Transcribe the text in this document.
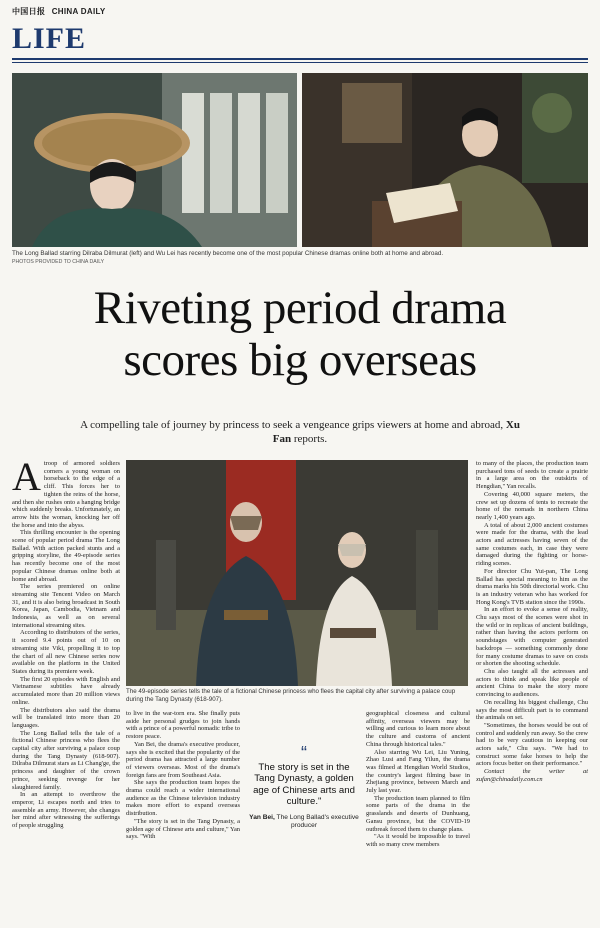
中国日报 CHINA DAILY
LIFE
The Long Ballad starring Dilraba Dilmurat (left) and Wu Lei has recently become one of the most popular Chinese dramas online both at home and abroad.
PHOTOS PROVIDED TO CHINA DAILY
Riveting period drama
scores big overseas
A compelling tale of journey by princess to seek a vengeance grips viewers at home and abroad, Xu Fan reports.
The 49-episode series tells the tale of a fictional Chinese princess who flees the capital city after surviving a palace coup during the Tang Dynasty (618-907).

Atroop of armored soldiers corners a young woman on horseback to the edge of a cliff. This forces her to tighten the reins of the horse, and then she rushes onto a hanging bridge which suddenly breaks. Unfortunately, an arrow hits the woman, knocking her off the horse and into the abyss.

This thrilling encounter is the opening scene of popular period drama The Long Ballad. With action packed stunts and a gripping storyline, the 49-episode series has recently become one of the most popular Chinese dramas online both at home and abroad.

The series premiered on online streaming site Tencent Video on March 31, and it is also being broadcast in South Korea, Japan, Cambodia, Vietnam and Indonesia, as well as on several international streaming sites.

According to distributors of the series, it scored 9.4 points out of 10 on streaming site Viki, propelling it to top the chart of all new Chinese series now available on the platform in the United States during its premiere week.

The first 20 episodes with English and Vietnamese subtitles have already accumulated more than 20 million views online.

The distributors also said the drama will be translated into more than 20 languages.

The Long Ballad tells the tale of a fictional Chinese princess who flees the capital city after surviving a palace coup during the Tang Dynasty (618-907). Dilraba Dilmurat stars as Li Chang'ge, the princess and daughter of the crown prince, seeking revenge for her slaughtered family.

In an attempt to overthrow the emperor, Li escapes north and tries to assemble an army. However, she changes her mind after witnessing the sufferings of people struggling

to live in the war-torn era. She finally puts aside her personal grudges to join hands with a prince of a powerful nomadic tribe to restore peace.

Yan Bei, the drama's executive producer, says she is excited that the popularity of the period drama has attracted a large number of viewers overseas. Most of the drama's foreign fans are from Southeast Asia.

She says the production team hopes the drama could reach a wider international audience as the Chinese television industry makes more effort to expand overseas distribution.

"The story is set in the Tang Dynasty, a golden age of Chinese arts and culture," Yan says. "With

“
The story is set in the Tang Dynasty, a golden age of Chinese arts and culture."
Yan Bei, The Long Ballad's executive producer

geographical closeness and cultural affinity, overseas viewers may be willing and curious to learn more about the culture and customs of ancient China through historical tales."

Also starring Wu Lei, Liu Yuning, Zhao Lusi and Fang Yilun, the drama was filmed at Hengdian World Studios, the country's largest filming base in Zhejiang province, between March and July last year.

The production team planned to film some parts of the drama in the grasslands and deserts of Dunhuang, Gansu province, but the COVID-19 outbreak forced them to change plans.

"As it would be impossible to travel with so many crew members

to many of the places, the production team purchased tons of seeds to create a prairie in a large area on the outskirts of Hengdian," Yan recalls.

Covering 40,000 square meters, the crew set up dozens of tents to recreate the home of the nomads in northern China nearly 1,400 years ago.

A total of about 2,000 ancient costumes were made for the drama, with the lead actors and actresses having seven of the same costumes each, in case they were damaged during the fighting or horse-riding scenes.

For director Chu Yui-pan, The Long Ballad has special meaning to him as the drama marks his 50th directorial work. Chu is an industry veteran who has worked for Hong Kong's TVB station since the 1990s.

In an effort to evoke a sense of reality, Chu says most of the scenes were shot in the wild or in replicas of ancient buildings, rather than having the actors perform on soundstages with computer generated backdrops — something commonly done for many costume dramas to save on costs or shorten the shooting schedule.

Chu also taught all the actresses and actors to think and speak like people of ancient China to make the story more convincing to audiences.

On recalling his biggest challenge, Chu says the most difficult part is to command the animals on set.

"Sometimes, the horses would be out of control and suddenly run away. So the crew had to be very cautious in keeping our actors safe," Chu says. "We had to construct some fake horses to help the actors focus better on their performance."

Contact the writer at xufan@chinadaily.com.cn
